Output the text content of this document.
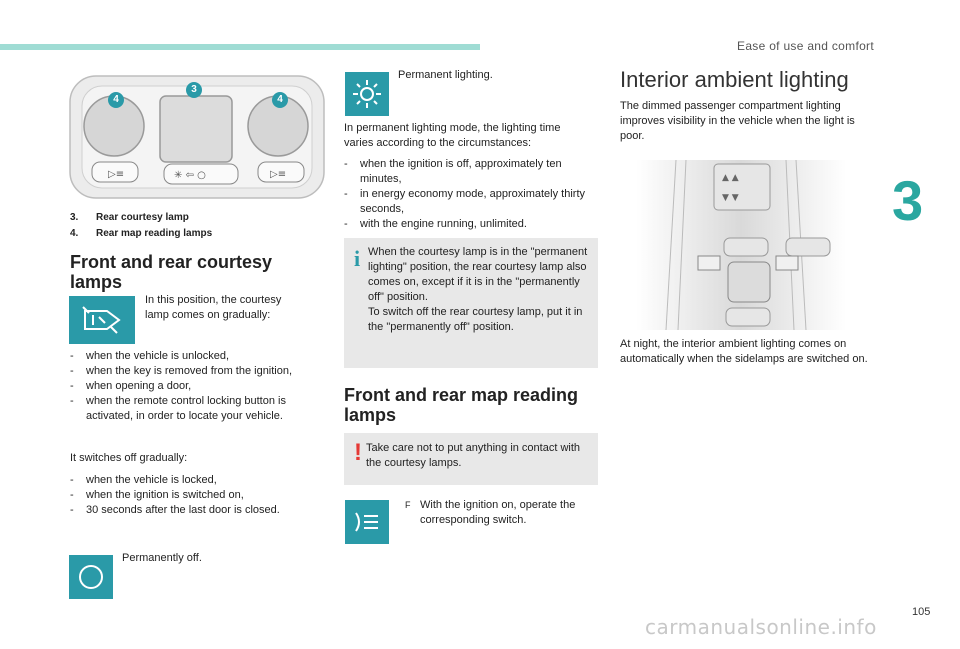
Ease of use and comfort
3
105
▷≡	▷≡
✳ ⇦ ○
4
3
4
3. Rear courtesy lamp
4. Rear map reading lamps
Front and rear courtesy lamps
In this position, the courtesy lamp comes on gradually:
- when the vehicle is unlocked,
- when the key is removed from the ignition,
- when opening a door,
- when the remote control locking button is activated, in order to locate your vehicle.
It switches off gradually:
- when the vehicle is locked,
- when the ignition is switched on,
- 30 seconds after the last door is closed.
Permanently off.
Permanent lighting.
In permanent lighting mode, the lighting time varies according to the circumstances:
- when the ignition is off, approximately ten minutes,
- in energy economy mode, approximately thirty seconds,
- with the engine running, unlimited.
i When the courtesy lamp is in the "permanent lighting" position, the rear courtesy lamp also comes on, except if it is in the "permanently off" position.
To switch off the rear courtesy lamp, put it in the "permanently off" position.
Front and rear map reading lamps
! Take care not to put anything in contact with the courtesy lamps.
F With the ignition on, operate the corresponding switch.
Interior ambient lighting
The dimmed passenger compartment lighting improves visibility in the vehicle when the light is poor.
▲ ▲
▼ ▼
At night, the interior ambient lighting comes on automatically when the sidelamps are switched on.
carmanualsonline.info
